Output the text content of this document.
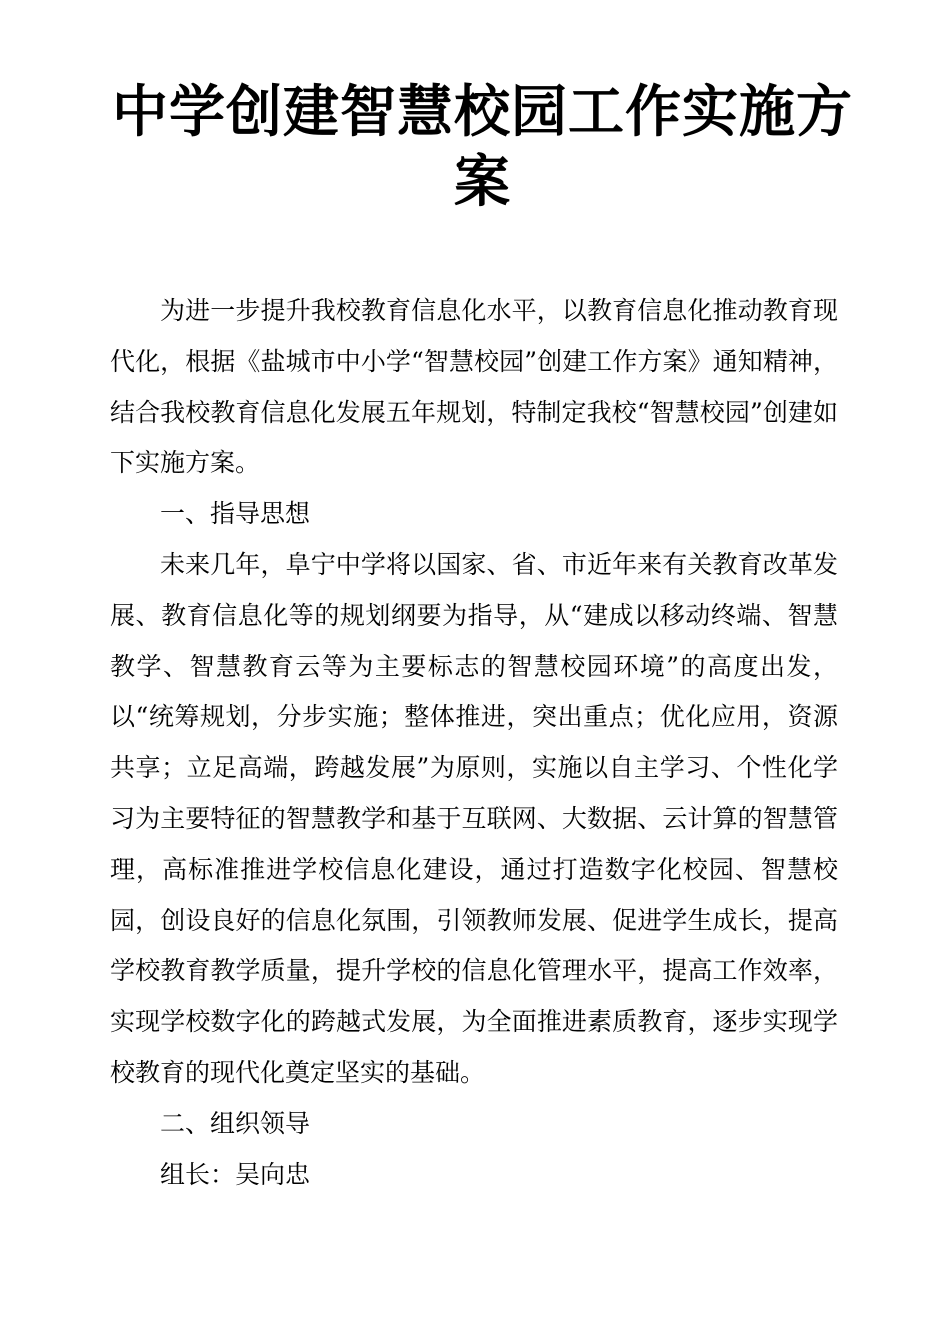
中学创建智慧校园工作实施方案

为进一步提升我校教育信息化水平，以教育信息化推动教育现代化，根据《盐城市中小学“智慧校园”创建工作方案》通知精神，结合我校教育信息化发展五年规划，特制定我校“智慧校园”创建如下实施方案。

一、指导思想

未来几年，阜宁中学将以国家、省、市近年来有关教育改革发展、教育信息化等的规划纲要为指导，从“建成以移动终端、智慧教学、智慧教育云等为主要标志的智慧校园环境”的高度出发，以“统筹规划，分步实施；整体推进，突出重点；优化应用，资源共享；立足高端，跨越发展”为原则，实施以自主学习、个性化学习为主要特征的智慧教学和基于互联网、大数据、云计算的智慧管理，高标准推进学校信息化建设，通过打造数字化校园、智慧校园，创设良好的信息化氛围，引领教师发展、促进学生成长，提高学校教育教学质量，提升学校的信息化管理水平，提高工作效率，实现学校数字化的跨越式发展，为全面推进素质教育，逐步实现学校教育的现代化奠定坚实的基础。

二、组织领导

组长：吴向忠
